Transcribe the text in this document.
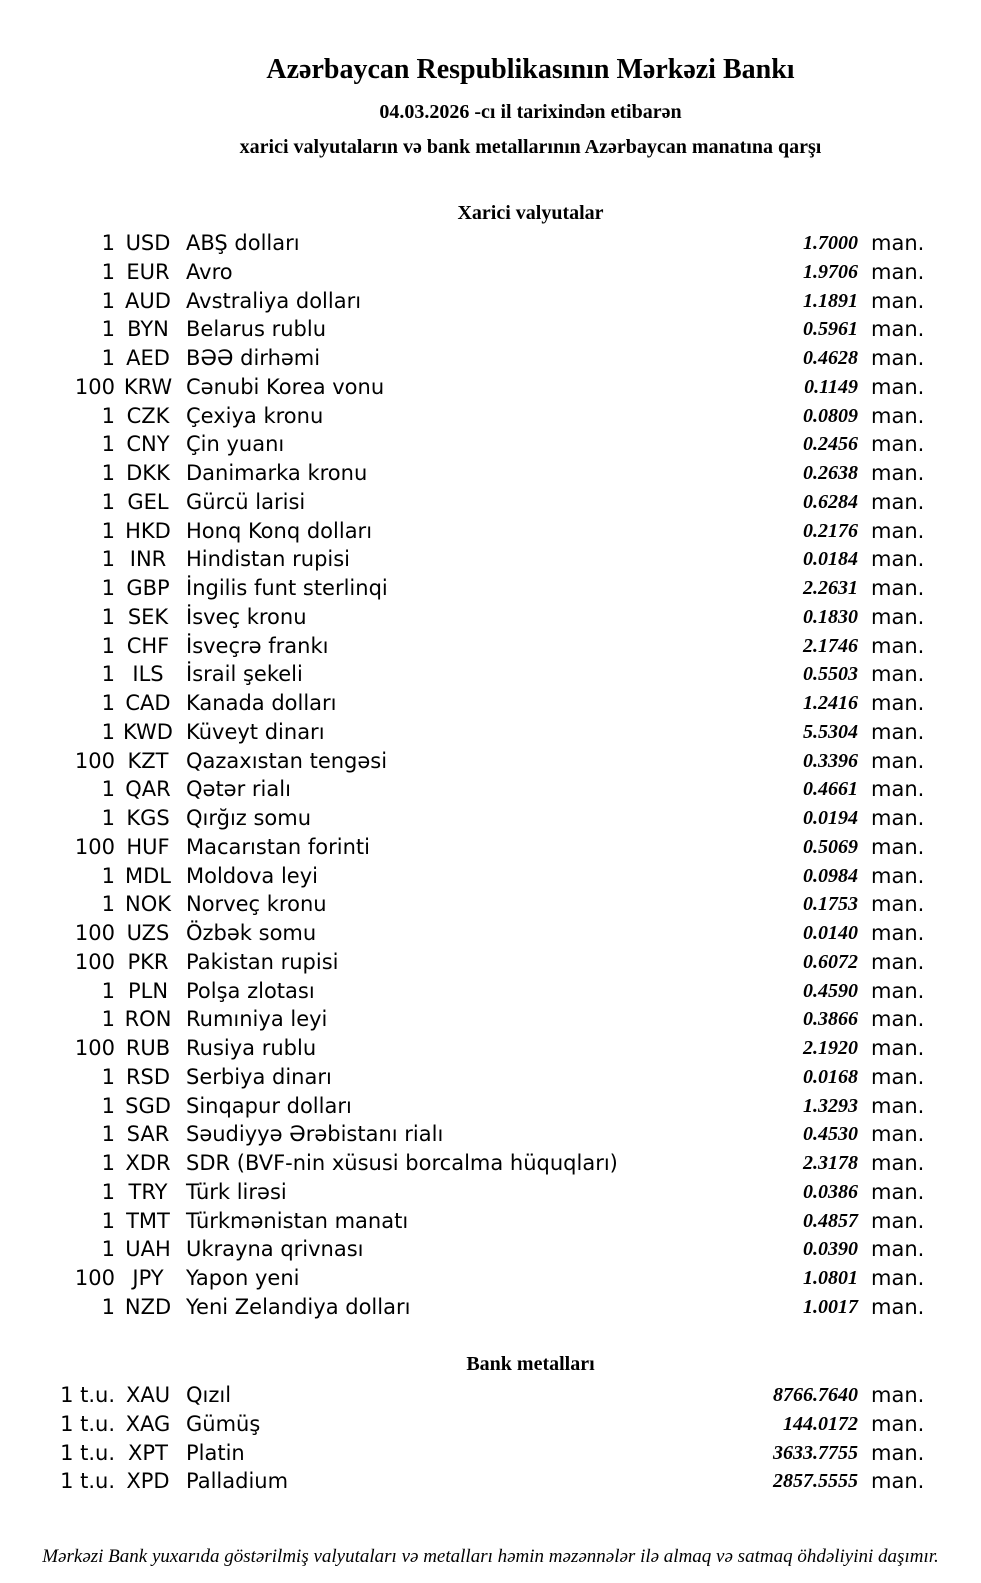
Azərbaycan Respublikasının Mərkəzi Bankı
04.03.2026 -cı il tarixindən etibarən
xarici valyutaların və bank metallarının Azərbaycan manatına qarşı
Xarici valyutalar
1 USD ABŞ dolları	1.7000 man.
1 EUR Avro	1.9706 man.
1 AUD Avstraliya dolları	1.1891 man.
1 BYN Belarus rublu	0.5961 man.
1 AED BƏƏ dirhəmi	0.4628 man.
100 KRW Cənubi Korea vonu	0.1149 man.
1 CZK Çexiya kronu	0.0809 man.
1 CNY Çin yuanı	0.2456 man.
1 DKK Danimarka kronu	0.2638 man.
1 GEL Gürcü larisi	0.6284 man.
1 HKD Honq Konq dolları	0.2176 man.
1 INR Hindistan rupisi	0.0184 man.
1 GBP İngilis funt sterlinqi	2.2631 man.
1 SEK İsveç kronu	0.1830 man.
1 CHF İsveçrə frankı	2.1746 man.
1 ILS	İsrail şekeli	0.5503 man.
1 CAD Kanada dolları	1.2416 man.
1 KWD Küveyt dinarı	5.5304 man.
100 KZT Qazaxıstan tengəsi	0.3396 man.
1 QAR Qətər rialı	0.4661 man.
1 KGS Qırğız somu	0.0194 man.
100 HUF Macarıstan forinti	0.5069 man.
1 MDL Moldova leyi	0.0984 man.
1 NOK Norveç kronu	0.1753 man.
100 UZS Özbək somu	0.0140 man.
100 PKR Pakistan rupisi	0.6072 man.
1 PLN Polşa zlotası	0.4590 man.
1 RON Rumıniya leyi	0.3866 man.
100 RUB Rusiya rublu	2.1920 man.
1 RSD Serbiya dinarı	0.0168 man.
1 SGD Sinqapur dolları	1.3293 man.
1 SAR Səudiyyə Ərəbistanı rialı	0.4530 man.
1 XDR SDR (BVF-nin xüsusi borcalma hüquqları)	2.3178 man.
1 TRY Türk lirəsi	0.0386 man.
1 TMT Türkmənistan manatı	0.4857 man.
1 UAH Ukrayna qrivnası	0.0390 man.
100 JPY	Yapon yeni	1.0801 man.
1 NZD Yeni Zelandiya dolları	1.0017 man.
Bank metalları
1 t.u. XAU Qızıl	8766.7640 man.
1 t.u. XAG Gümüş	144.0172 man.
1 t.u. XPT Platin	3633.7755 man.
1 t.u. XPD Palladium	2857.5555 man.
Mərkəzi Bank yuxarıda göstərilmiş valyutaları və metalları həmin məzənnələr ilə almaq və satmaq öhdəliyini daşımır.
